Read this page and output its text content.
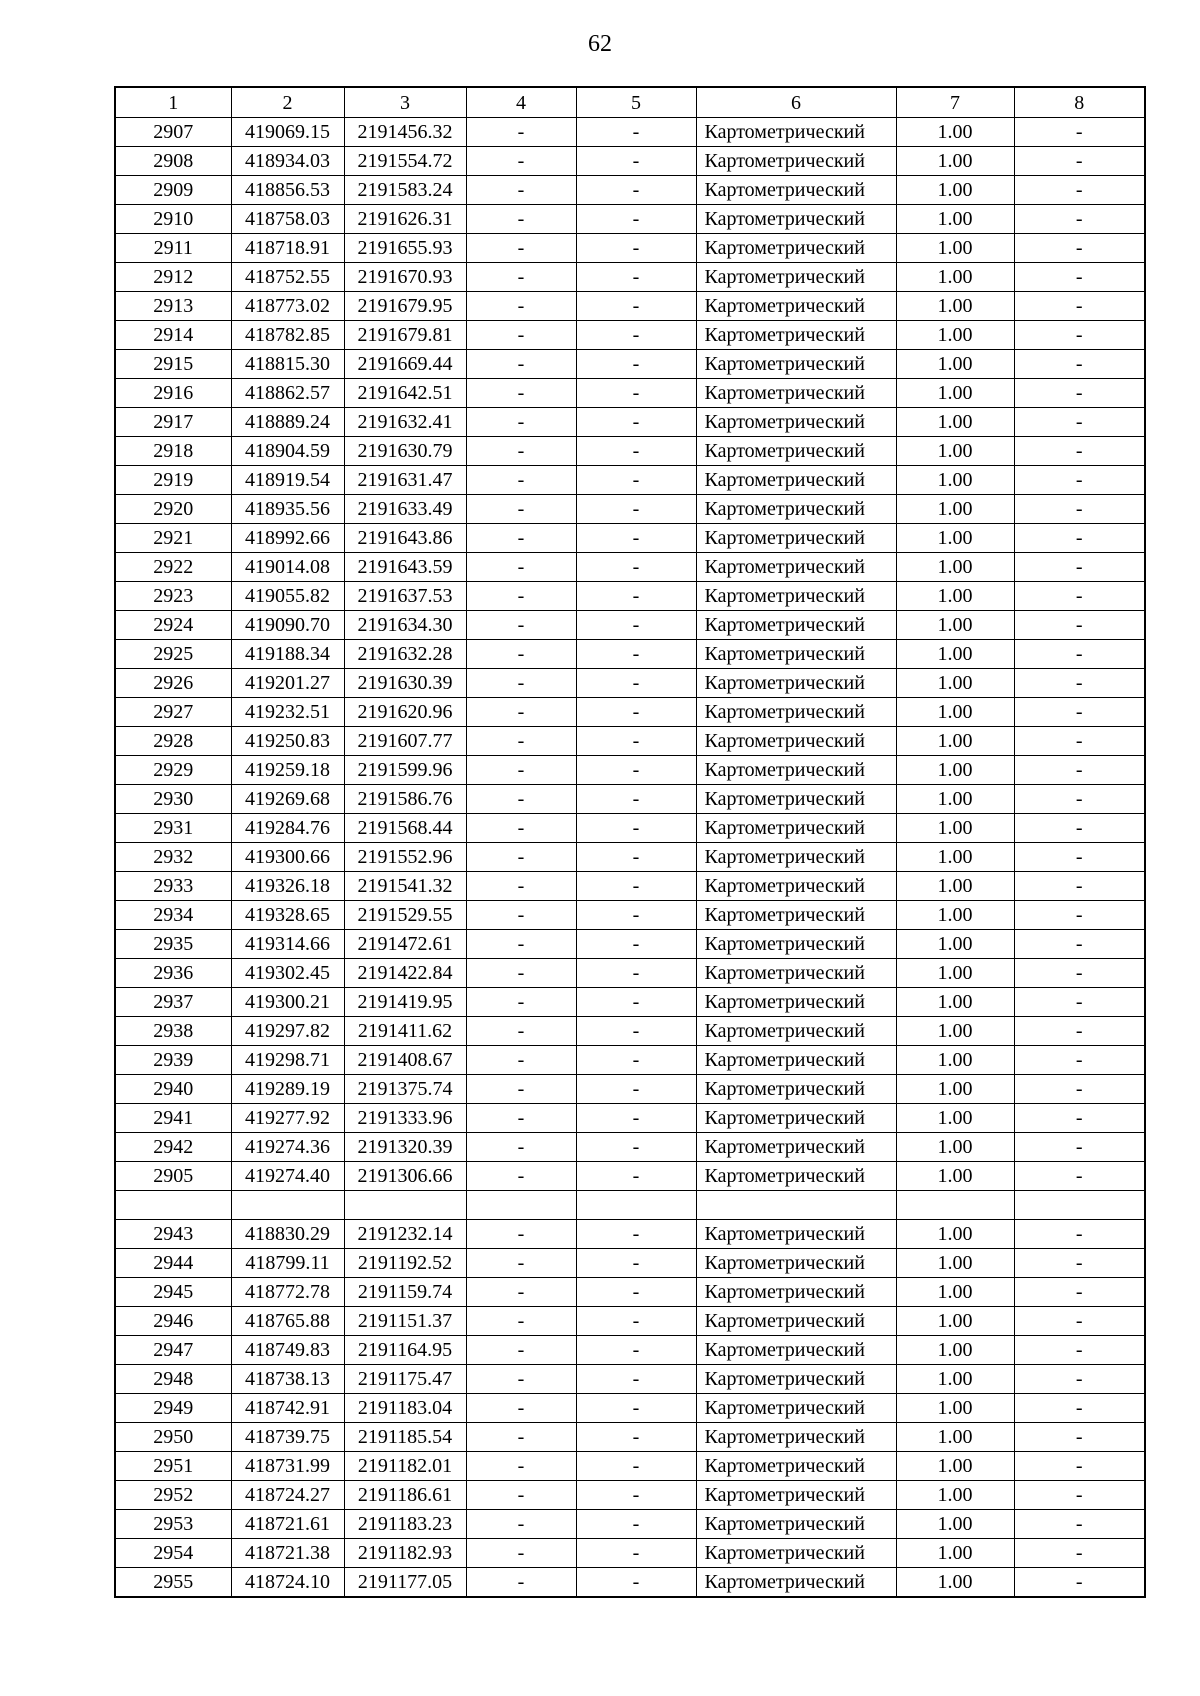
62
1	2	3	4	5	6	7	8
2907	419069.15	2191456.32	-	-	Картометрический	1.00	-
2908	418934.03	2191554.72	-	-	Картометрический	1.00	-
2909	418856.53	2191583.24	-	-	Картометрический	1.00	-
2910	418758.03	2191626.31	-	-	Картометрический	1.00	-
2911	418718.91	2191655.93	-	-	Картометрический	1.00	-
2912	418752.55	2191670.93	-	-	Картометрический	1.00	-
2913	418773.02	2191679.95	-	-	Картометрический	1.00	-
2914	418782.85	2191679.81	-	-	Картометрический	1.00	-
2915	418815.30	2191669.44	-	-	Картометрический	1.00	-
2916	418862.57	2191642.51	-	-	Картометрический	1.00	-
2917	418889.24	2191632.41	-	-	Картометрический	1.00	-
2918	418904.59	2191630.79	-	-	Картометрический	1.00	-
2919	418919.54	2191631.47	-	-	Картометрический	1.00	-
2920	418935.56	2191633.49	-	-	Картометрический	1.00	-
2921	418992.66	2191643.86	-	-	Картометрический	1.00	-
2922	419014.08	2191643.59	-	-	Картометрический	1.00	-
2923	419055.82	2191637.53	-	-	Картометрический	1.00	-
2924	419090.70	2191634.30	-	-	Картометрический	1.00	-
2925	419188.34	2191632.28	-	-	Картометрический	1.00	-
2926	419201.27	2191630.39	-	-	Картометрический	1.00	-
2927	419232.51	2191620.96	-	-	Картометрический	1.00	-
2928	419250.83	2191607.77	-	-	Картометрический	1.00	-
2929	419259.18	2191599.96	-	-	Картометрический	1.00	-
2930	419269.68	2191586.76	-	-	Картометрический	1.00	-
2931	419284.76	2191568.44	-	-	Картометрический	1.00	-
2932	419300.66	2191552.96	-	-	Картометрический	1.00	-
2933	419326.18	2191541.32	-	-	Картометрический	1.00	-
2934	419328.65	2191529.55	-	-	Картометрический	1.00	-
2935	419314.66	2191472.61	-	-	Картометрический	1.00	-
2936	419302.45	2191422.84	-	-	Картометрический	1.00	-
2937	419300.21	2191419.95	-	-	Картометрический	1.00	-
2938	419297.82	2191411.62	-	-	Картометрический	1.00	-
2939	419298.71	2191408.67	-	-	Картометрический	1.00	-
2940	419289.19	2191375.74	-	-	Картометрический	1.00	-
2941	419277.92	2191333.96	-	-	Картометрический	1.00	-
2942	419274.36	2191320.39	-	-	Картометрический	1.00	-
2905	419274.40	2191306.66	-	-	Картометрический	1.00	-

2943	418830.29	2191232.14	-	-	Картометрический	1.00	-
2944	418799.11	2191192.52	-	-	Картометрический	1.00	-
2945	418772.78	2191159.74	-	-	Картометрический	1.00	-
2946	418765.88	2191151.37	-	-	Картометрический	1.00	-
2947	418749.83	2191164.95	-	-	Картометрический	1.00	-
2948	418738.13	2191175.47	-	-	Картометрический	1.00	-
2949	418742.91	2191183.04	-	-	Картометрический	1.00	-
2950	418739.75	2191185.54	-	-	Картометрический	1.00	-
2951	418731.99	2191182.01	-	-	Картометрический	1.00	-
2952	418724.27	2191186.61	-	-	Картометрический	1.00	-
2953	418721.61	2191183.23	-	-	Картометрический	1.00	-
2954	418721.38	2191182.93	-	-	Картометрический	1.00	-
2955	418724.10	2191177.05	-	-	Картометрический	1.00	-
